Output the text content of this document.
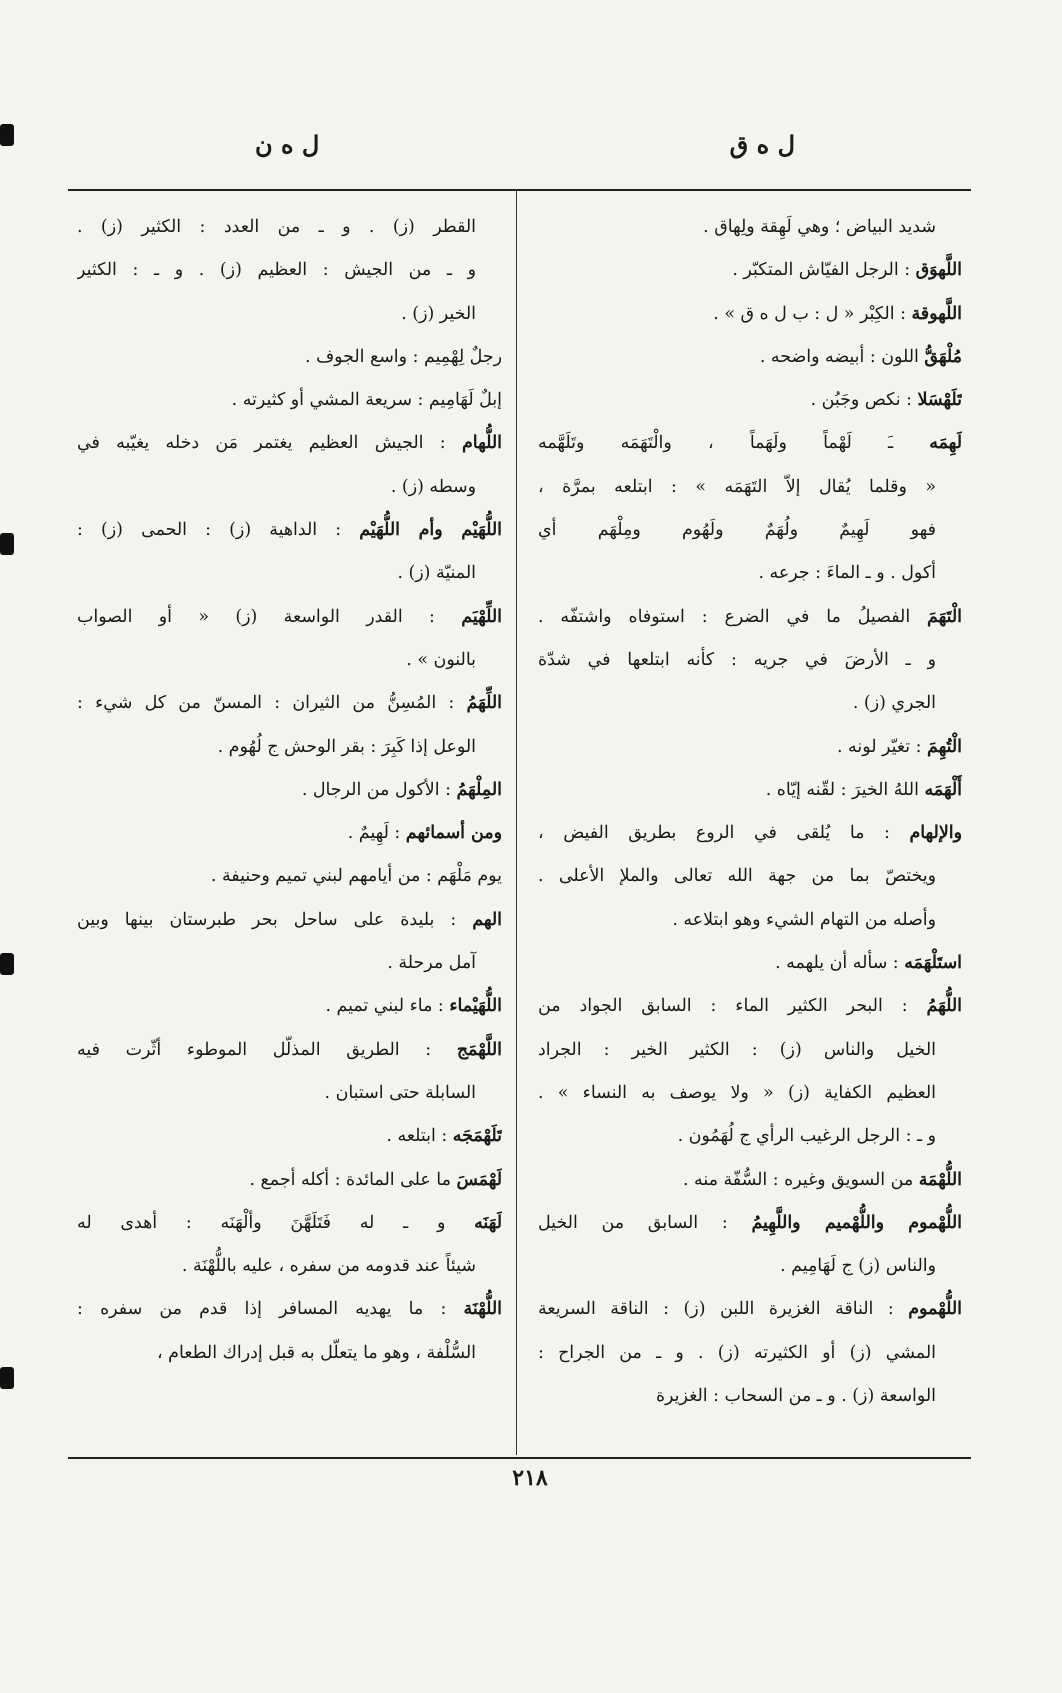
ل ه ق
ل ه ن
شديد البياض ؛ وهي لَهِقة ولِهاق .
اللَّهوَق : الرجل الفيّاش المتكبّر .
اللَّهوقة : الكِبْر « ل : ب ل ه ق » .
مُلْهَقُّ اللون : أبيضه واضحه .
تَلَهْسَلا : نكص وجَبُن .
لَهِمَه ـَ لَهْماً ولَهَماً ، والْتَهَمَه وتَلَهَّمه
« وقلما يُقال إلاّ التَهَمَه » : ابتلعه بمرَّة ،
فهو لَهِيمٌ ولُهَمٌ ولَهُوم ومِلْهَم أي
أكول . و ـ الماءَ : جرعه .
الْتَهَمَ الفصيلُ ما في الضرع : استوفاه واشتفّه .
و ـ الأرضَ في جريه : كأنه ابتلعها في شدّة
الجري (ز) .
الْتُهِمَ : تغيّر لونه .
أَلْهَمَه اللهُ الخيرَ : لقّنه إيّاه .
والإلهام : ما يُلقى في الروع بطريق الفيض ،
ويختصّ بما من جهة الله تعالى والملإ الأعلى .
وأصله من التهام الشيء وهو ابتلاعه .
استَلْهَمَه : سأله أن يلهمه .
اللُّهَمُ : البحر الكثير الماء : السابق الجواد من
الخيل والناس (ز) : الكثير الخير : الجراد
العظيم الكفاية (ز) « ولا يوصف به النساء » .
و ـ : الرجل الرغيب الرأي ج لُهَمُون .
اللُّهْمَة من السويق وغيره : السُّفّة منه .
اللُّهْموم واللُّهْميم واللَّهِيمُ : السابق من الخيل
والناس (ز) ج لَهَامِيم .
اللُّهْموم : الناقة الغزيرة اللبن (ز) : الناقة السريعة
المشي (ز) أو الكثيرته (ز) . و ـ من الجراح :
الواسعة (ز) . و ـ من السحاب : الغزيرة
القطر (ز) . و ـ من العدد : الكثير (ز) .
و ـ من الجيش : العظيم (ز) . و ـ : الكثير
الخير (ز) .
رجلٌ لِهْمِيم : واسع الجوف .
إبلٌ لَهَامِيم : سريعة المشي أو كثيرته .
اللُّهام : الجيش العظيم يغتمر مَن دخله يغيّبه في
وسطه (ز) .
اللُّهَيْم وأم اللُّهَيْم : الداهية (ز) : الحمى (ز) :
المنيّة (ز) .
اللِّهْيَم : القدر الواسعة (ز) « أو الصواب
بالنون » .
اللِّهَمُ : المُسِنُّ من الثيران : المسنّ من كل شيء :
الوعل إذا كَبِرَ : بقر الوحش ج لُهُوم .
المِلْهَمُ : الأكول من الرجال .
ومن أسمائهم : لَهِيمٌ .
يوم مَلْهَم : من أيامهم لبني تميم وحنيفة .
الهم : بليدة على ساحل بحر طبرستان بينها وبين
آمل مرحلة .
اللُّهَيْماء : ماء لبني تميم .
اللَّهْمَج : الطريق المذلّل الموطوء أثّرت فيه
السابلة حتى استبان .
تَلَهْمَجَه : ابتلعه .
لَهْمَسَ ما على المائدة : أكله أجمع .
لَهَنَه و ـ له فَتَلَهَّنَ وألْهَنَه : أهدى له
شيئاً عند قدومه من سفره ، عليه باللُّهْنَة .
اللُّهْنَة : ما يهديه المسافر إذا قدم من سفره :
السُّلْفة ، وهو ما يتعلّل به قبل إدراك الطعام ،
٢١٨
